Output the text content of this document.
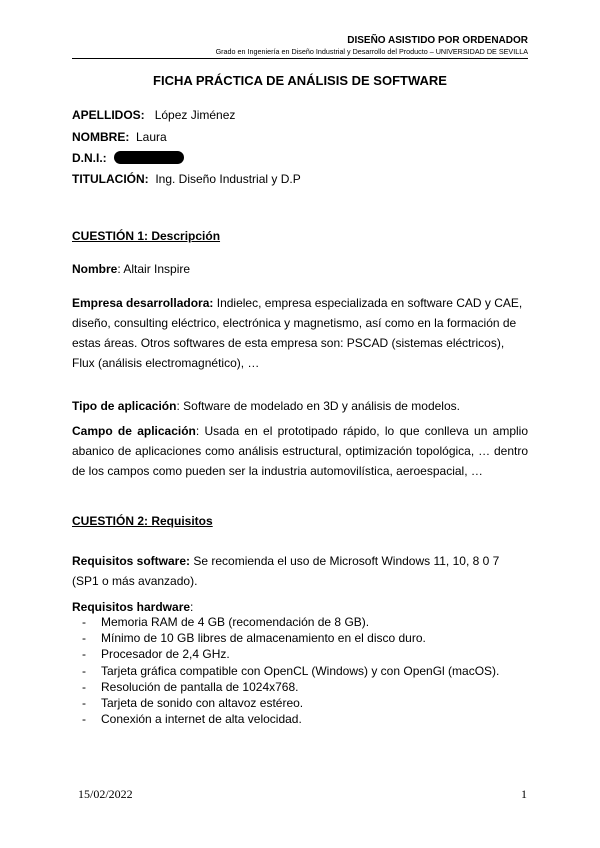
DISEÑO ASISTIDO POR ORDENADOR
Grado en Ingeniería en Diseño Industrial y Desarrollo del Producto – UNIVERSIDAD DE SEVILLA
FICHA PRÁCTICA DE ANÁLISIS DE SOFTWARE
APELLIDOS: López Jiménez
NOMBRE: Laura
D.N.I.:
TITULACIÓN: Ing. Diseño Industrial y D.P
CUESTIÓN 1: Descripción
Nombre: Altair Inspire
Empresa desarrolladora: Indielec, empresa especializada en software CAD y CAE, diseño, consulting eléctrico, electrónica y magnetismo, así como en la formación de estas áreas. Otros softwares de esta empresa son: PSCAD (sistemas eléctricos), Flux (análisis electromagnético), …
Tipo de aplicación: Software de modelado en 3D y análisis de modelos.
Campo de aplicación: Usada en el prototipado rápido, lo que conlleva un amplio abanico de aplicaciones como análisis estructural, optimización topológica, … dentro de los campos como pueden ser la industria automovilística, aeroespacial, …
CUESTIÓN 2: Requisitos
Requisitos software: Se recomienda el uso de Microsoft Windows 11, 10, 8 0 7 (SP1 o más avanzado).
Requisitos hardware:
- Memoria RAM de 4 GB (recomendación de 8 GB).
- Mínimo de 10 GB libres de almacenamiento en el disco duro.
- Procesador de 2,4 GHz.
- Tarjeta gráfica compatible con OpenCL (Windows) y con OpenGl (macOS).
- Resolución de pantalla de 1024x768.
- Tarjeta de sonido con altavoz estéreo.
- Conexión a internet de alta velocidad.
15/02/2022	1
